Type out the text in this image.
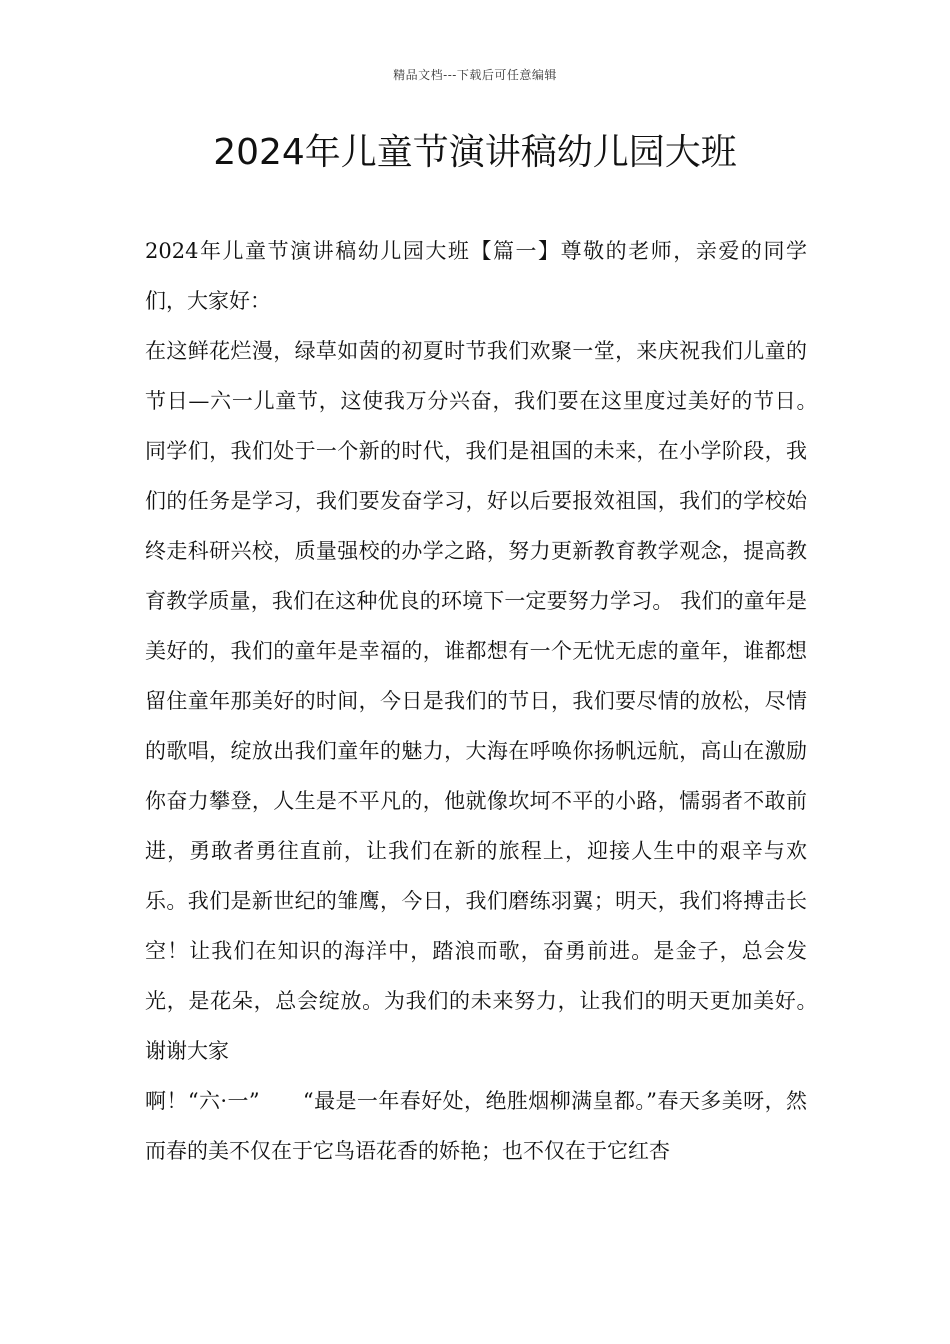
精品文档---下载后可任意编辑
2024年儿童节演讲稿幼儿园大班

2024年儿童节演讲稿幼儿园大班【篇一】尊敬的老师，亲爱的同学们，大家好：

在这鲜花烂漫，绿草如茵的初夏时节我们欢聚一堂，来庆祝我们儿童的节日—六一儿童节，这使我万分兴奋，我们要在这里度过美好的节日。　　同学们，我们处于一个新的时代，我们是祖国的未来，在小学阶段，我们的任务是学习，我们要发奋学习，好以后要报效祖国，我们的学校始终走科研兴校，质量强校的办学之路，努力更新教育教学观念，提高教育教学质量，我们在这种优良的环境下一定要努力学习。 我们的童年是美好的，我们的童年是幸福的，谁都想有一个无忧无虑的童年，谁都想留住童年那美好的时间，今日是我们的节日，我们要尽情的放松，尽情的歌唱，绽放出我们童年的魅力，大海在呼唤你扬帆远航，高山在激励你奋力攀登，人生是不平凡的，他就像坎坷不平的小路，懦弱者不敢前进，勇敢者勇往直前，让我们在新的旅程上，迎接人生中的艰辛与欢乐。我们是新世纪的雏鹰，今日，我们磨练羽翼；明天，我们将搏击长空！让我们在知识的海洋中，踏浪而歌，奋勇前进。是金子，总会发光，是花朵，总会绽放。为我们的未来努力，让我们的明天更加美好。　　谢谢大家

啊！“六·一”　　“最是一年春好处，绝胜烟柳满皇都。”春天多美呀，然而春的美不仅在于它鸟语花香的娇艳；也不仅在于它红杏
